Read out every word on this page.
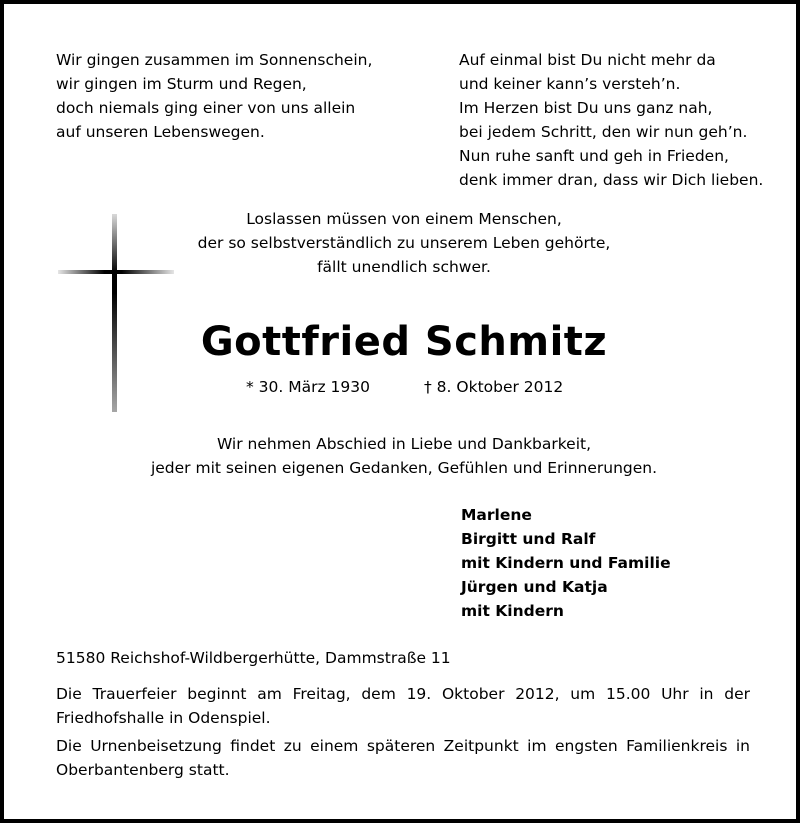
Wir gingen zusammen im Sonnenschein,
wir gingen im Sturm und Regen,
doch niemals ging einer von uns allein
auf unseren Lebenswegen.
Auf einmal bist Du nicht mehr da
und keiner kann’s versteh’n.
Im Herzen bist Du uns ganz nah,
bei jedem Schritt, den wir nun geh’n.
Nun ruhe sanft und geh in Frieden,
denk immer dran, dass wir Dich lieben.
Loslassen müssen von einem Menschen,
der so selbstverständlich zu unserem Leben gehörte,
fällt unendlich schwer.
Gottfried Schmitz
* 30. März 1930	† 8. Oktober 2012
Wir nehmen Abschied in Liebe und Dankbarkeit,
jeder mit seinen eigenen Gedanken, Gefühlen und Erinnerungen.
Marlene
Birgitt und Ralf
mit Kindern und Familie
Jürgen und Katja
mit Kindern
51580 Reichshof-Wildbergerhütte, Dammstraße 11

Die Trauerfeier beginnt am Freitag, dem 19. Oktober 2012, um 15.00 Uhr in der Friedhofshalle in Odenspiel.

Die Urnenbeisetzung findet zu einem späteren Zeitpunkt im engsten Familienkreis in Oberbantenberg statt.
